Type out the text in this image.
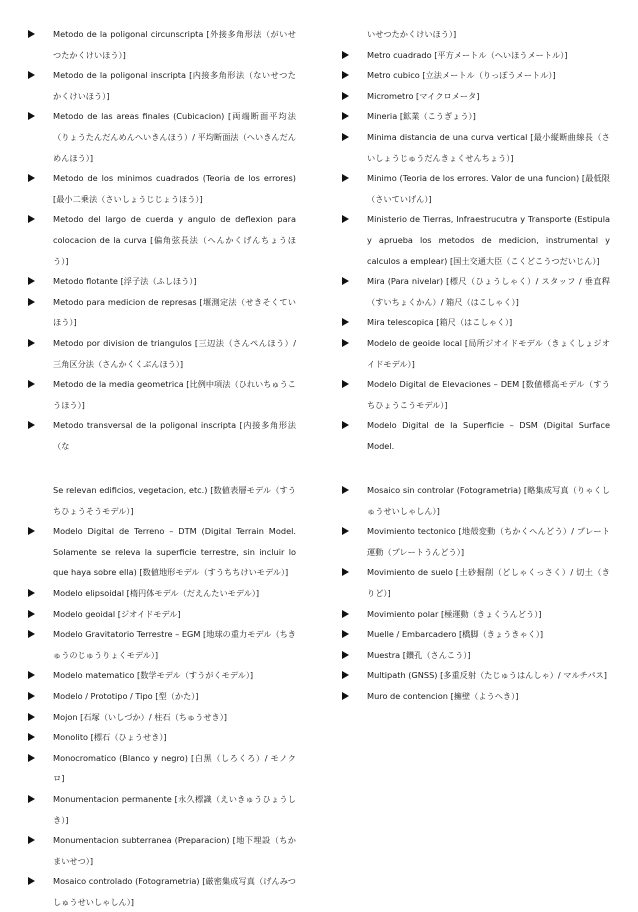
Metodo de la poligonal circunscripta [外接多角形法（がいせつたかくけいほう）]
Metodo de la poligonal inscripta [内接多角形法（ないせつたかくけいほう）]
Metodo de las areas finales (Cubicacion) [両端断面平均法（りょうたんだんめんへいきんほう）/ 平均断面法（へいきんだんめんほう）]
Metodo de los minimos cuadrados (Teoria de los errores) [最小二乗法（さいしょうじじょうほう）]
Metodo del largo de cuerda y angulo de deflexion para colocacion de la curva [偏角弦長法（へんかくげんちょうほう）]
Metodo flotante [浮子法（ふしほう）]
Metodo para medicion de represas [堰測定法（せきそくていほう）]
Metodo por division de triangulos [三辺法（さんぺんほう）/ 三角区分法（さんかくくぶんほう）]
Metodo de la media geometrica [比例中項法（ひれいちゅうこうほう）]
Metodo transversal de la poligonal inscripta [内接多角形法（な
いせつたかくけいほう）]
Metro cuadrado [平方メートル（へいほうメートル）]
Metro cubico [立法メートル（りっぽうメートル）]
Micrometro [マイクロメータ]
Mineria [鉱業（こうぎょう）]
Minima distancia de una curva vertical [最小縦断曲線長（さいしょうじゅうだんきょくせんちょう）]
Minimo (Teoria de los errores. Valor de una funcion) [最低限（さいていげん）]
Ministerio de Tierras, Infraestrucutra y Transporte (Estipula y aprueba los metodos de medicion, instrumental y calculos a emplear) [国土交通大臣（こくどこうつだいじん）]
Mira (Para nivelar) [標尺（ひょうしゃく）/ スタッフ / 垂直稈（すいちょくかん）/ 箱尺（はこしゃく）]
Mira telescopica [箱尺（はこしゃく）]
Modelo de geoide local [局所ジオイドモデル（きょくしょジオイドモデル）]
Modelo Digital de Elevaciones – DEM [数値標高モデル（すうちひょうこうモデル）]
Modelo Digital de la Superficie – DSM (Digital Surface Model.
Se relevan edificios, vegetacion, etc.) [数値表層モデル（すうちひょうそうモデル）]
Modelo Digital de Terreno – DTM (Digital Terrain Model. Solamente se releva la superficie terrestre, sin incluir lo que haya sobre ella) [数値地形モデル（すうちちけいモデル）]
Modelo elipsoidal [楕円体モデル（だえんたいモデル）]
Modelo geoidal [ジオイドモデル]
Modelo Gravitatorio Terrestre – EGM [地球の重力モデル（ちきゅうのじゅうりょくモデル）]
Modelo matematico [数学モデル（すうがくモデル）]
Modelo / Prototipo / Tipo [型（かた）]
Mojon [石塚（いしづか）/ 柱石（ちゅうせき）]
Monolito [標石（ひょうせき）]
Monocromatico (Blanco y negro) [白黒（しろくろ）/ モノクロ]
Monumentacion permanente [永久標識（えいきゅうひょうしき）]
Monumentacion subterranea (Preparacion) [地下埋設（ちかまいせつ）]
Mosaico controlado (Fotogrametria) [厳密集成写真（げんみつしゅうせいしゃしん）]
Mosaico sin controlar (Fotogrametria) [略集成写真（りゃくしゅうせいしゃしん）]
Movimiento tectonico [地殻変動（ちかくへんどう）/ プレート運動（プレートうんどう）]
Movimiento de suelo [土砂掘削（どしゃくっさく）/ 切土（きりど）]
Movimiento polar [極運動（きょくうんどう）]
Muelle / Embarcadero [橋脚（きょうきゃく）]
Muestra [鑽孔（さんこう）]
Multipath (GNSS) [多重反射（たじゅうはんしゃ）/ マルチパス]
Muro de contencion [擁壁（ようへき）]
